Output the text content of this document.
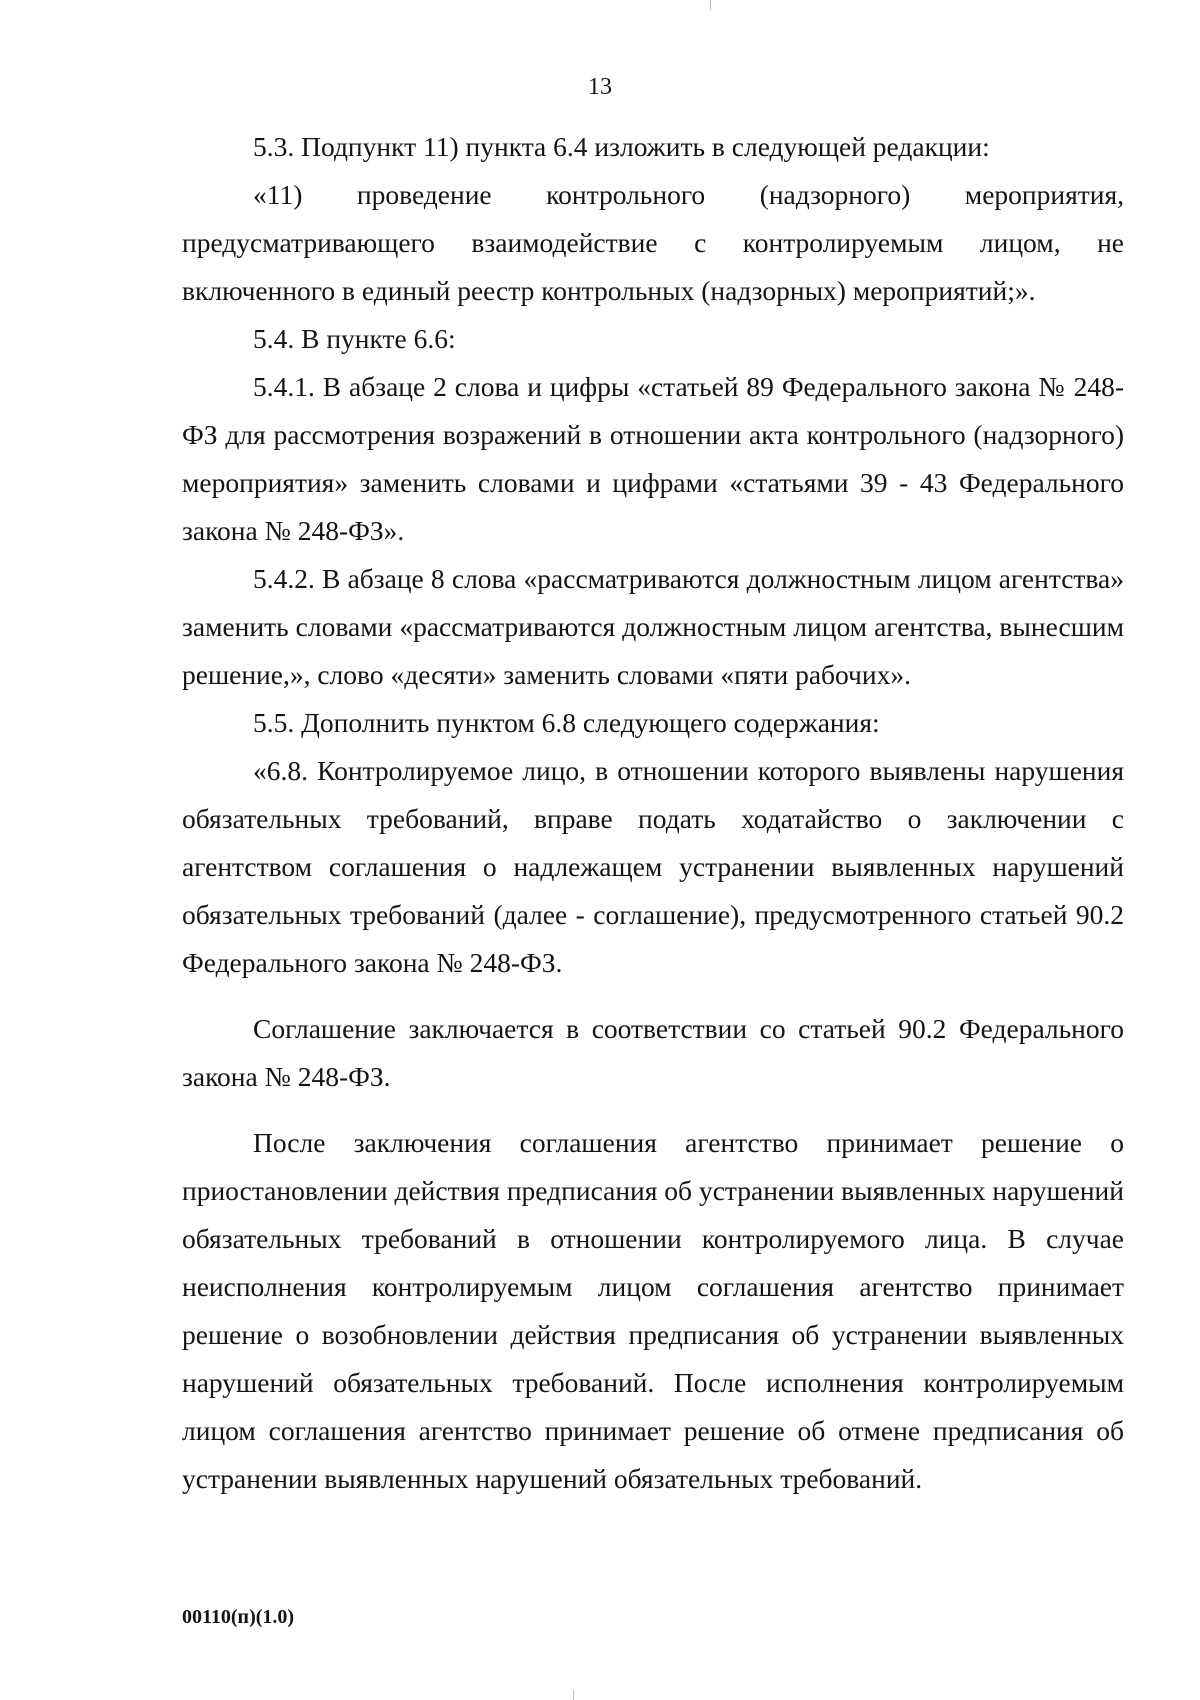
13

5.3. Подпункт 11) пункта 6.4 изложить в следующей редакции:

«11) проведение контрольного (надзорного) мероприятия, предусматривающего взаимодействие с контролируемым лицом, не включенного в единый реестр контрольных (надзорных) мероприятий;».

5.4. В пункте 6.6:

5.4.1. В абзаце 2 слова и цифры «статьей 89 Федерального закона № 248-ФЗ для рассмотрения возражений в отношении акта контрольного (надзорного) мероприятия» заменить словами и цифрами «статьями 39 - 43 Федерального закона № 248-ФЗ».

5.4.2. В абзаце 8 слова «рассматриваются должностным лицом агентства» заменить словами «рассматриваются должностным лицом агентства, вынесшим решение,», слово «десяти» заменить словами «пяти рабочих».

5.5. Дополнить пунктом 6.8 следующего содержания:

«6.8. Контролируемое лицо, в отношении которого выявлены нарушения обязательных требований, вправе подать ходатайство о заключении с агентством соглашения о надлежащем устранении выявленных нарушений обязательных требований (далее - соглашение), предусмотренного статьей 90.2 Федерального закона № 248-ФЗ.

Соглашение заключается в соответствии со статьей 90.2 Федерального закона № 248-ФЗ.

После заключения соглашения агентство принимает решение о приостановлении действия предписания об устранении выявленных нарушений обязательных требований в отношении контролируемого лица. В случае неисполнения контролируемым лицом соглашения агентство принимает решение о возобновлении действия предписания об устранении выявленных нарушений обязательных требований. После исполнения контролируемым лицом соглашения агентство принимает решение об отмене предписания об устранении выявленных нарушений обязательных требований.

00110(п)(1.0)
